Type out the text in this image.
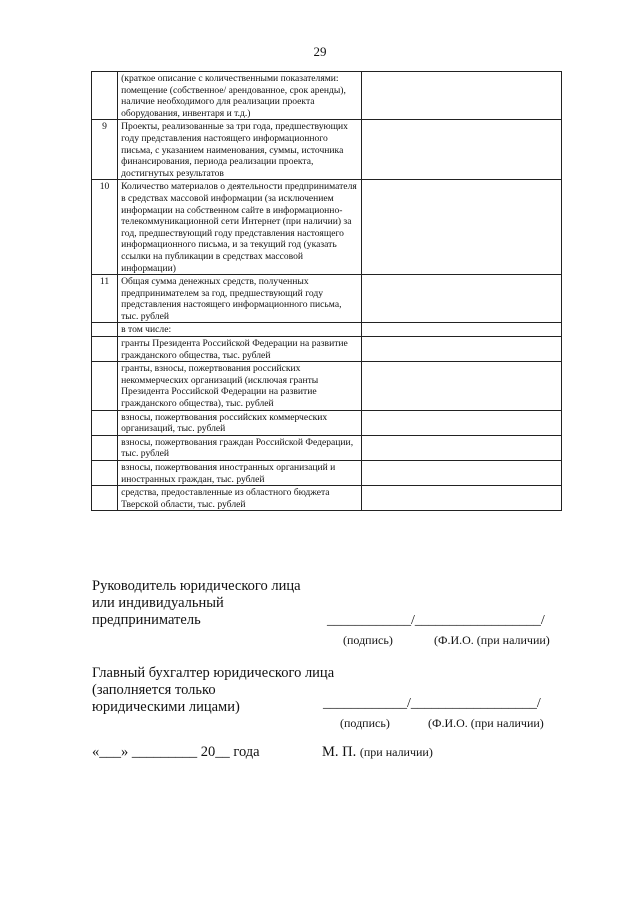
29
	(краткое описание с количественными показателями: помещение (собственное/ арендованное, срок аренды), наличие необходимого для реализации проекта оборудования, инвентаря и т.д.)	
9	Проекты, реализованные за три года, предшествующих году представления настоящего информационного письма, с указанием наименования, суммы, источника финансирования, периода реализации проекта, достигнутых результатов	
10	Количество материалов о деятельности предпринимателя в средствах массовой информации (за исключением информации на собственном сайте в информационно-телекоммуникационной сети Интернет (при наличии) за год, предшествующий году представления настоящего информационного письма, и за текущий год (указать ссылки на публикации в средствах массовой информации)	
11	Общая сумма денежных средств, полученных предпринимателем за год, предшествующий году представления настоящего информационного письма, тыс. рублей	
	в том числе:	
	гранты Президента Российской Федерации на развитие гражданского общества, тыс. рублей	
	гранты, взносы, пожертвования российских некоммерческих организаций (исключая гранты Президента Российской Федерации на развитие гражданского общества), тыс. рублей	
	взносы, пожертвования российских коммерческих организаций, тыс. рублей	
	взносы, пожертвования граждан Российской Федерации, тыс. рублей	
	взносы, пожертвования иностранных организаций и иностранных граждан, тыс. рублей	
	средства, предоставленные из областного бюджета Тверской области, тыс. рублей	
Руководитель юридического лица
или индивидуальный
предприниматель	____________/__________________/
(подпись)	(Ф.И.О. (при наличии)
Главный бухгалтер юридического лица
(заполняется только
юридическими лицами)	____________/__________________/
(подпись)	(Ф.И.О. (при наличии)
«___» _________ 20__ года	М. П. (при наличии)
